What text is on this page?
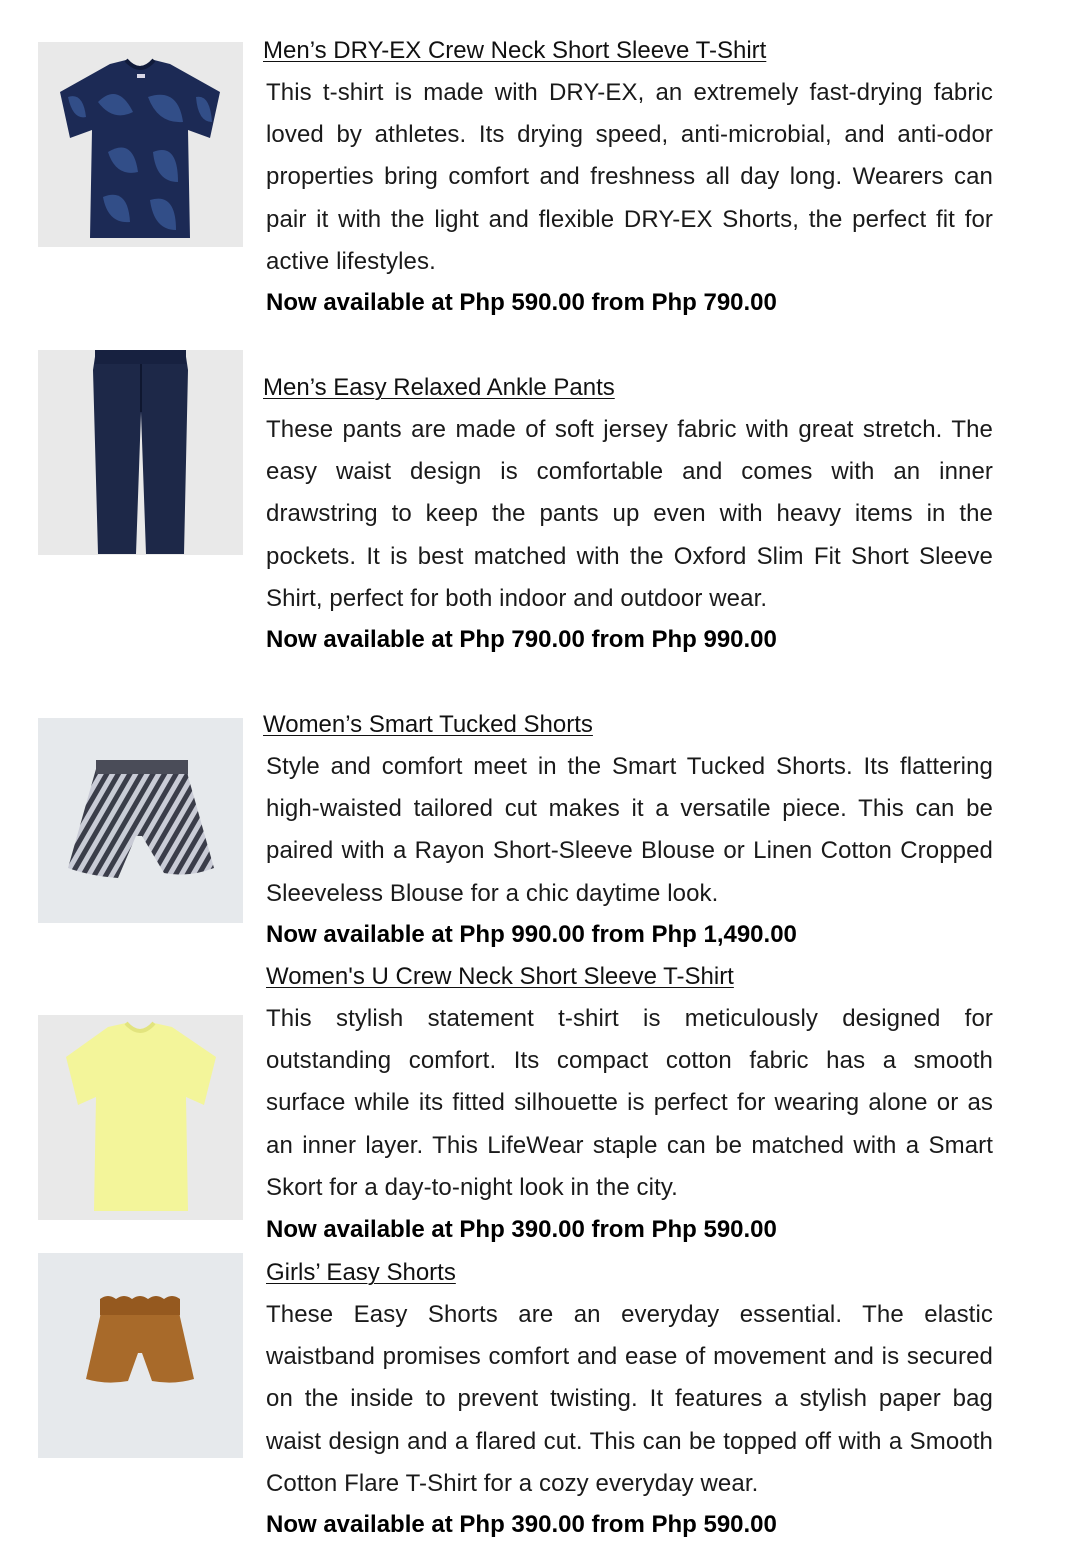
Men’s DRY-EX Crew Neck Short Sleeve T-Shirt
This t-shirt is made with DRY-EX, an extremely fast-drying fabric loved by athletes. Its drying speed, anti-microbial, and anti-odor properties bring comfort and freshness all day long. Wearers can pair it with the light and flexible DRY-EX Shorts, the perfect fit for active lifestyles.
Now available at Php 590.00 from Php 790.00
Men’s Easy Relaxed Ankle Pants
These pants are made of soft jersey fabric with great stretch. The easy waist design is comfortable and comes with an inner drawstring to keep the pants up even with heavy items in the pockets. It is best matched with the Oxford Slim Fit Short Sleeve Shirt, perfect for both indoor and outdoor wear.
Now available at Php 790.00 from Php 990.00
Women’s Smart Tucked Shorts
Style and comfort meet in the Smart Tucked Shorts. Its flattering high-waisted tailored cut makes it a versatile piece. This can be paired with a Rayon Short-Sleeve Blouse or Linen Cotton Cropped Sleeveless Blouse for a chic daytime look.
Now available at Php 990.00 from Php 1,490.00
Women's U Crew Neck Short Sleeve T-Shirt
This stylish statement t-shirt is meticulously designed for outstanding comfort. Its compact cotton fabric has a smooth surface while its fitted silhouette is perfect for wearing alone or as an inner layer. This LifeWear staple can be matched with a Smart Skort for a day-to-night look in the city.
Now available at Php 390.00 from Php 590.00
Girls’ Easy Shorts
These Easy Shorts are an everyday essential. The elastic waistband promises comfort and ease of movement and is secured on the inside to prevent twisting. It features a stylish paper bag waist design and a flared cut. This can be topped off with a Smooth Cotton Flare T-Shirt for a cozy everyday wear.
Now available at Php 390.00 from Php 590.00
